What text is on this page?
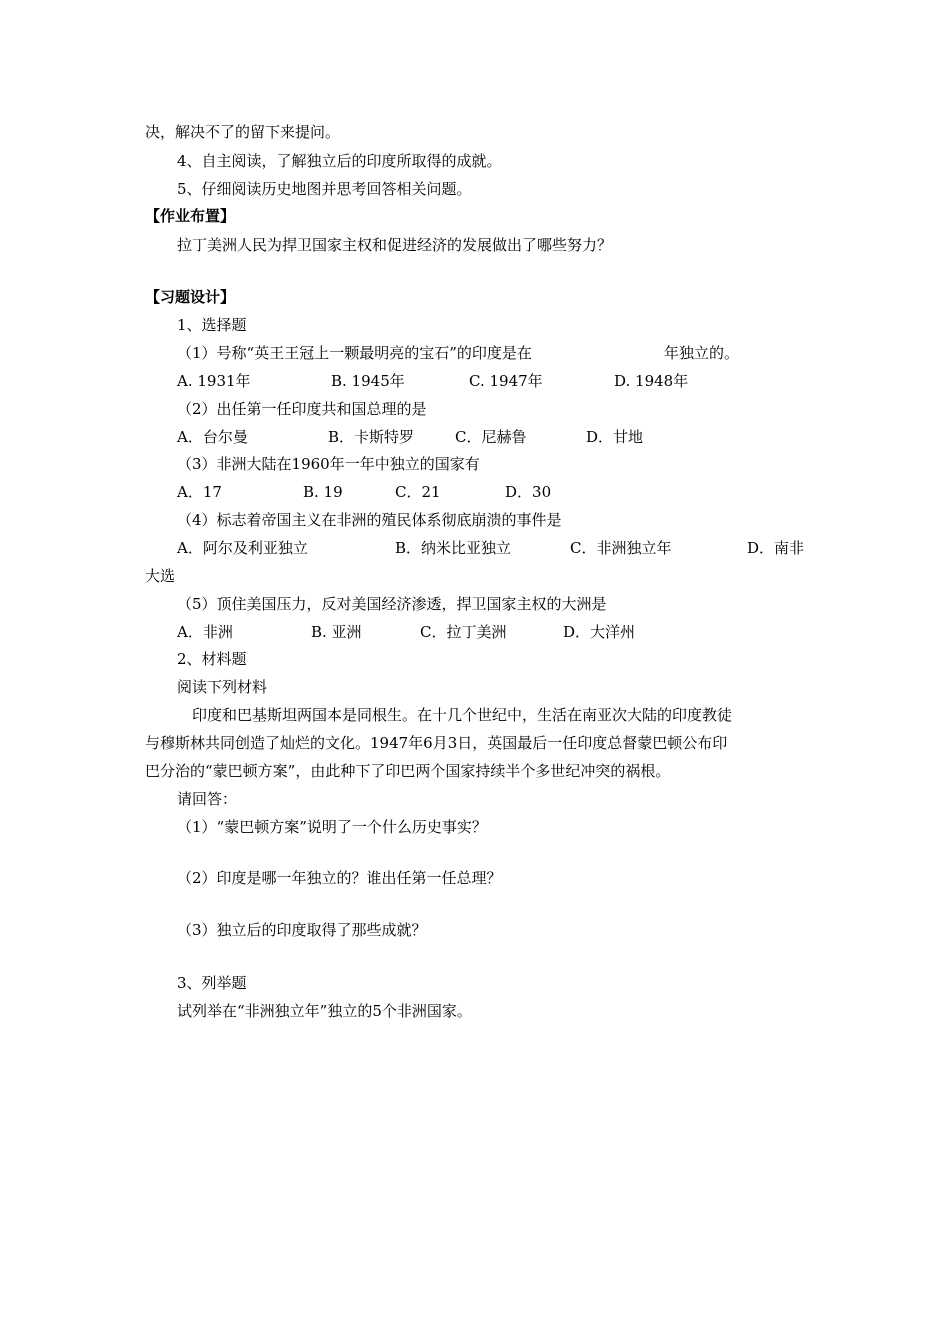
决，解决不了的留下来提问。
4、自主阅读，了解独立后的印度所取得的成就。
5、仔细阅读历史地图并思考回答相关问题。
【作业布置】
拉丁美洲人民为捍卫国家主权和促进经济的发展做出了哪些努力？
【习题设计】
1、选择题
（1）号称“英王王冠上一颗最明亮的宝石”的印度是在	年独立的。
A. 1931年	B. 1945年	C. 1947年	D. 1948年
（2）出任第一任印度共和国总理的是
A．台尔曼	B．卡斯特罗	C．尼赫鲁	D．甘地
（3）非洲大陆在1960年一年中独立的国家有
A．17	B. 19	C．21	D．30
（4）标志着帝国主义在非洲的殖民体系彻底崩溃的事件是
A．阿尔及利亚独立	B．纳米比亚独立	C．非洲独立年	D．南非
大选
（5）顶住美国压力，反对美国经济渗透，捍卫国家主权的大洲是
A．非洲	B. 亚洲	C．拉丁美洲	D．大洋州
2、材料题
阅读下列材料
印度和巴基斯坦两国本是同根生。在十几个世纪中，生活在南亚次大陆的印度教徒
与穆斯林共同创造了灿烂的文化。1947年6月3日，英国最后一任印度总督蒙巴顿公布印
巴分治的“蒙巴顿方案”，由此种下了印巴两个国家持续半个多世纪冲突的祸根。
请回答：
（1）“蒙巴顿方案”说明了一个什么历史事实？
（2）印度是哪一年独立的？谁出任第一任总理？
（3）独立后的印度取得了那些成就？
3、列举题
试列举在“非洲独立年”独立的5个非洲国家。
